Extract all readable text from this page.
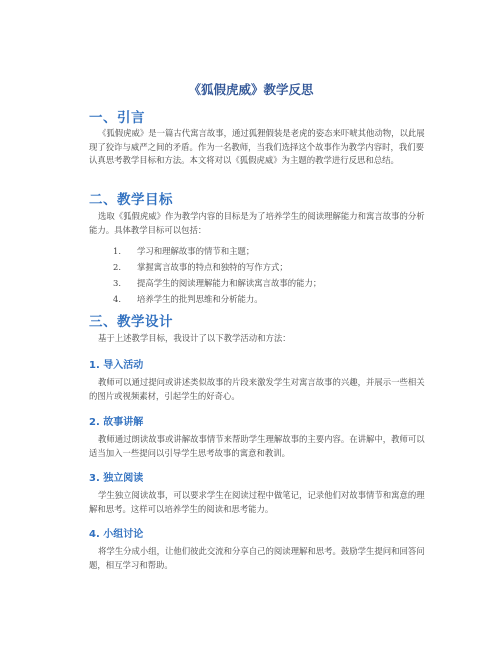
《狐假虎威》教学反思
一、引言
《狐假虎威》是一篇古代寓言故事，通过狐狸假装是老虎的姿态来吓唬其他动物，以此展现了狡诈与威严之间的矛盾。作为一名教师，当我们选择这个故事作为教学内容时，我们要认真思考教学目标和方法。本文将对以《狐假虎威》为主题的教学进行反思和总结。
二、教学目标
选取《狐假虎威》作为教学内容的目标是为了培养学生的阅读理解能力和寓言故事的分析能力。具体教学目标可以包括：
1. 学习和理解故事的情节和主题；
2. 掌握寓言故事的特点和独特的写作方式；
3. 提高学生的阅读理解能力和解读寓言故事的能力；
4. 培养学生的批判思维和分析能力。
三、教学设计
基于上述教学目标，我设计了以下教学活动和方法：
1. 导入活动
教师可以通过提问或讲述类似故事的片段来激发学生对寓言故事的兴趣，并展示一些相关的图片或视频素材，引起学生的好奇心。
2. 故事讲解
教师通过朗读故事或讲解故事情节来帮助学生理解故事的主要内容。在讲解中，教师可以适当加入一些提问以引导学生思考故事的寓意和教训。
3. 独立阅读
学生独立阅读故事，可以要求学生在阅读过程中做笔记，记录他们对故事情节和寓意的理解和思考。这样可以培养学生的阅读和思考能力。
4. 小组讨论
将学生分成小组，让他们彼此交流和分享自己的阅读理解和思考。鼓励学生提问和回答问题，相互学习和帮助。
